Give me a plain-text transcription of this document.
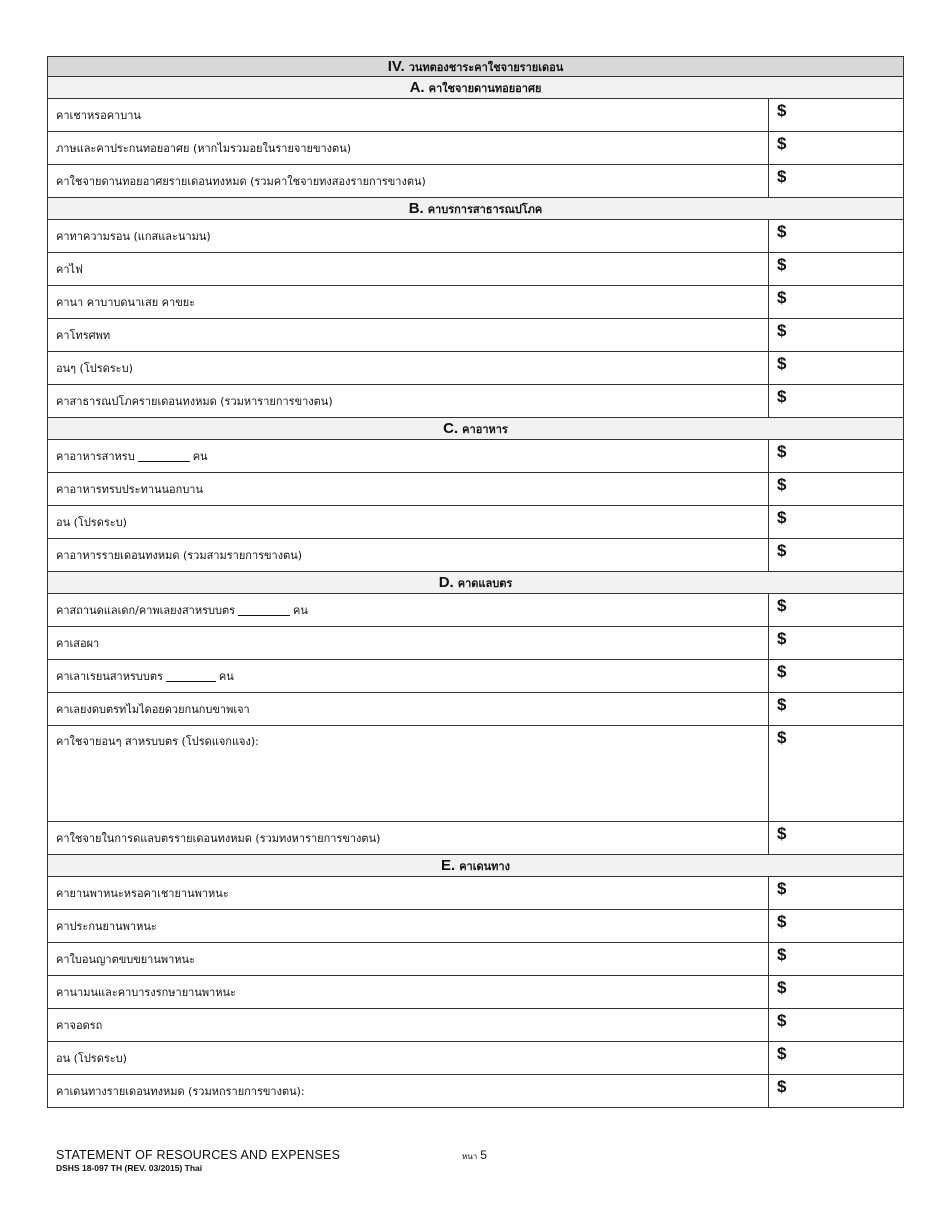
IV. วนทตองชาระคาใชจายรายเดอน	
A. คาใชจายดานทอยอาศย	
คาเชาหรอคาบาน	$
ภาษและคาประกนทอยอาศย (หากไมรวมอยในรายจายขางตน)	$
คาใชจายดานทอยอาศยรายเดอนทงหมด (รวมคาใชจายทงสองรายการขางตน)	$
B. คาบรการสาธารณปโภค	
คาทาความรอน (แกสและนามน)	$
คาไฟ	$
คานา คาบาบดนาเสย คาขยะ	$
คาโทรศพท	$
อนๆ (โปรดระบ)	$
คาสาธารณปโภครายเดอนทงหมด (รวมหารายการขางตน)	$
C. คาอาหาร	
คาอาหารสาหรบ คน	$
คาอาหารทรบประทานนอกบาน	$
อน (โปรดระบ)	$
คาอาหารรายเดอนทงหมด (รวมสามรายการขางตน)	$
D. คาดแลบตร	
คาสถานดแลเดก/คาพเลยงสาหรบบตร คน	$
คาเสอผา	$
คาเลาเรยนสาหรบบตร คน	$
คาเลยงดบตรทไมไดอยดวยกนกบขาพเจา	$
คาใชจายอนๆ สาหรบบตร (โปรดแจกแจง):	$
คาใชจายในการดแลบตรรายเดอนทงหมด (รวมทงหารายการขางตน)	$
E. คาเดนทาง	
คายานพาหนะหรอคาเชายานพาหนะ	$
คาประกนยานพาหนะ	$
คาใบอนญาตขบขยานพาหนะ	$
คานามนและคาบารงรกษายานพาหนะ	$
คาจอดรถ	$
อน (โปรดระบ)	$
คาเดนทางรายเดอนทงหมด (รวมหกรายการขางตน):	$
STATEMENT OF RESOURCES AND EXPENSES
DSHS 18-097 TH (REV. 03/2015) Thai
หนา 5
